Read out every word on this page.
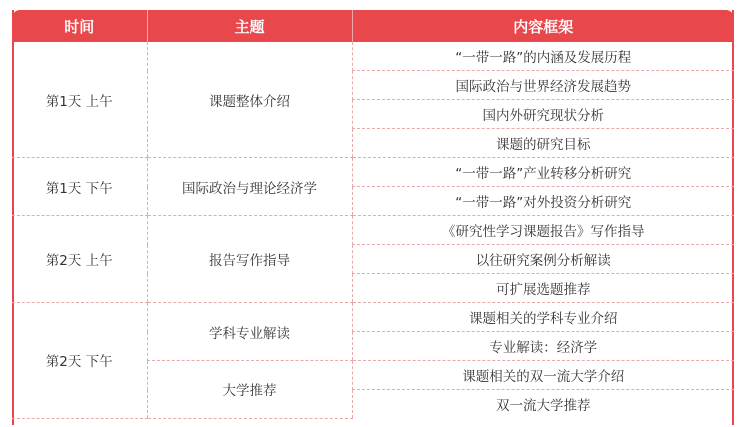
时间	主题	内容框架
第1天 上午	课题整体介绍	“一带一路”的内涵及发展历程
		国际政治与世界经济发展趋势
		国内外研究现状分析
		课题的研究目标
第1天 下午	国际政治与理论经济学	“一带一路”产业转移分析研究
		“一带一路”对外投资分析研究
第2天 上午	报告写作指导	《研究性学习课题报告》写作指导
		以往研究案例分析解读
		可扩展选题推荐
第2天 下午	学科专业解读	课题相关的学科专业介绍
		专业解读：经济学
	大学推荐	课题相关的双一流大学介绍
		双一流大学推荐
